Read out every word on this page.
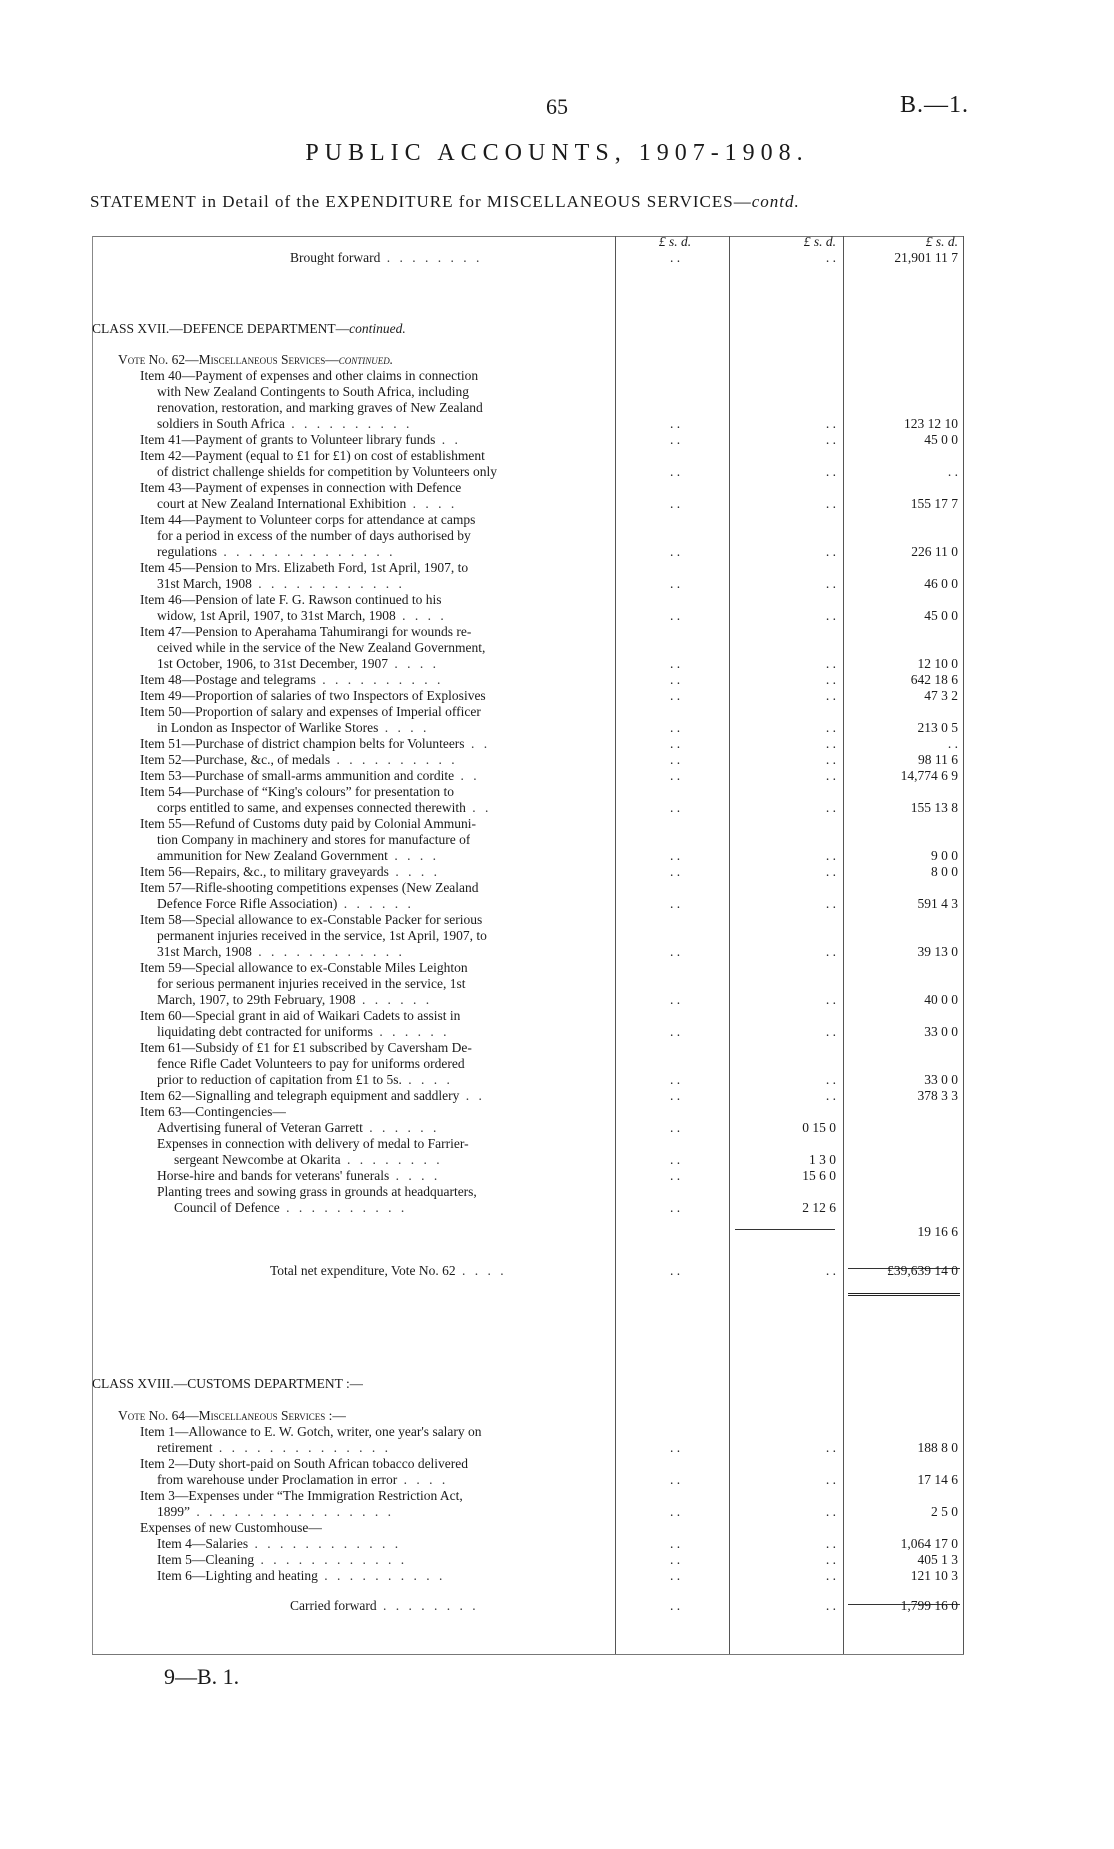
65	B.—1.
PUBLIC ACCOUNTS, 1907-1908.
STATEMENT in Detail of the EXPENDITURE for MISCELLANEOUS SERVICES—contd.
£ s. d.	£ s. d.	£ s. d.
Brought forward . . . . . . . .	. .	. .	21,901 11 7
CLASS XVII.—DEFENCE DEPARTMENT—continued.
Vote No. 62—Miscellaneous Services—continued.
Item 40—Payment of expenses and other claims in connection
with New Zealand Contingents to South Africa, including
renovation, restoration, and marking graves of New Zealand
soldiers in South Africa . . . . . . . . . .	. .	. .	123 12 10
Item 41—Payment of grants to Volunteer library funds . .	. .	. .	45 0 0
Item 42—Payment (equal to £1 for £1) on cost of establishment
of district challenge shields for competition by Volunteers only	. .	. .	. .
Item 43—Payment of expenses in connection with Defence
court at New Zealand International Exhibition . . . .	. .	. .	155 17 7
Item 44—Payment to Volunteer corps for attendance at camps
for a period in excess of the number of days authorised by
regulations . . . . . . . . . . . . . .	. .	. .	226 11 0
Item 45—Pension to Mrs. Elizabeth Ford, 1st April, 1907, to
31st March, 1908 . . . . . . . . . . . .	. .	. .	46 0 0
Item 46—Pension of late F. G. Rawson continued to his
widow, 1st April, 1907, to 31st March, 1908 . . . .	. .	. .	45 0 0
Item 47—Pension to Aperahama Tahumirangi for wounds re-
ceived while in the service of the New Zealand Government,
1st October, 1906, to 31st December, 1907 . . . .	. .	. .	12 10 0
Item 48—Postage and telegrams . . . . . . . . . .	. .	. .	642 18 6
Item 49—Proportion of salaries of two Inspectors of Explosives	. .	. .	47 3 2
Item 50—Proportion of salary and expenses of Imperial officer
in London as Inspector of Warlike Stores . . . .	. .	. .	213 0 5
Item 51—Purchase of district champion belts for Volunteers . .	. .	. .	. .
Item 52—Purchase, &c., of medals . . . . . . . . . .	. .	. .	98 11 6
Item 53—Purchase of small-arms ammunition and cordite . .	. .	. .	14,774 6 9
Item 54—Purchase of “King's colours” for presentation to
corps entitled to same, and expenses connected therewith . .	. .	. .	155 13 8
Item 55—Refund of Customs duty paid by Colonial Ammuni-
tion Company in machinery and stores for manufacture of
ammunition for New Zealand Government . . . .	. .	. .	9 0 0
Item 56—Repairs, &c., to military graveyards . . . .	. .	. .	8 0 0
Item 57—Rifle-shooting competitions expenses (New Zealand
Defence Force Rifle Association) . . . . . .	. .	. .	591 4 3
Item 58—Special allowance to ex-Constable Packer for serious
permanent injuries received in the service, 1st April, 1907, to
31st March, 1908 . . . . . . . . . . . .	. .	. .	39 13 0
Item 59—Special allowance to ex-Constable Miles Leighton
for serious permanent injuries received in the service, 1st
March, 1907, to 29th February, 1908 . . . . . .	. .	. .	40 0 0
Item 60—Special grant in aid of Waikari Cadets to assist in
liquidating debt contracted for uniforms . . . . . .	. .	. .	33 0 0
Item 61—Subsidy of £1 for £1 subscribed by Caversham De-
fence Rifle Cadet Volunteers to pay for uniforms ordered
prior to reduction of capitation from £1 to 5s. . . . .	. .	. .	33 0 0
Item 62—Signalling and telegraph equipment and saddlery . .	. .	. .	378 3 3
Item 63—Contingencies—
Advertising funeral of Veteran Garrett . . . . . .	. .	0 15 0
Expenses in connection with delivery of medal to Farrier-
sergeant Newcombe at Okarita . . . . . . . .	. .	1 3 0
Horse-hire and bands for veterans' funerals . . . .	. .	15 6 0
Planting trees and sowing grass in grounds at headquarters,
Council of Defence . . . . . . . . . .	. .	2 12 6
19 16 6
Total net expenditure, Vote No. 62 . . . .	. .	. .	£39,639 14 0
CLASS XVIII.—CUSTOMS DEPARTMENT :—
Vote No. 64—Miscellaneous Services :—
Item 1—Allowance to E. W. Gotch, writer, one year's salary on
retirement . . . . . . . . . . . . . .	. .	. .	188 8 0
Item 2—Duty short-paid on South African tobacco delivered
from warehouse under Proclamation in error . . . .	. .	. .	17 14 6
Item 3—Expenses under “The Immigration Restriction Act,
1899” . . . . . . . . . . . . . . . .	. .	. .	2 5 0
Expenses of new Customhouse—
Item 4—Salaries . . . . . . . . . . . .	. .	. .	1,064 17 0
Item 5—Cleaning . . . . . . . . . . . .	. .	. .	405 1 3
Item 6—Lighting and heating . . . . . . . . . .	. .	. .	121 10 3
Carried forward . . . . . . . .	. .	. .	1,799 16 0
9—B. 1.
